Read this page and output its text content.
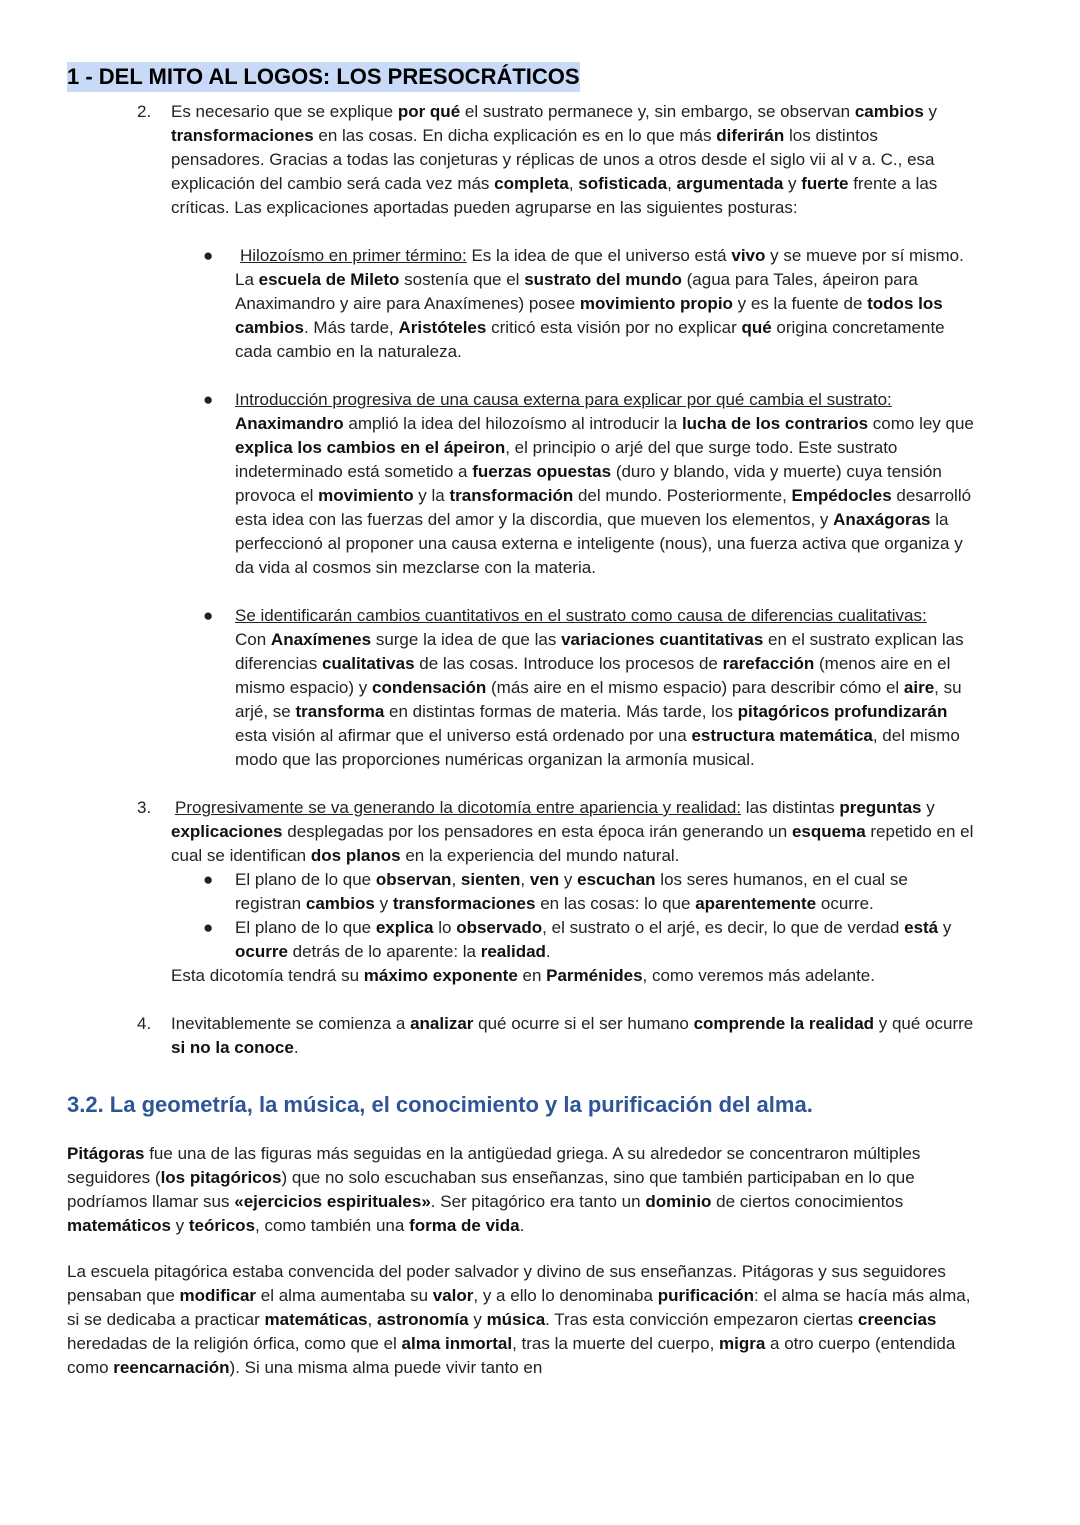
1 - DEL MITO AL LOGOS: LOS PRESOCRÁTICOS
2. Es necesario que se explique por qué el sustrato permanece y, sin embargo, se observan cambios y transformaciones en las cosas. En dicha explicación es en lo que más diferirán los distintos pensadores. Gracias a todas las conjeturas y réplicas de unos a otros desde el siglo vii al v a. C., esa explicación del cambio será cada vez más completa, sofisticada, argumentada y fuerte frente a las críticas. Las explicaciones aportadas pueden agruparse en las siguientes posturas:
● Hilozoísmo en primer término: Es la idea de que el universo está vivo y se mueve por sí mismo. La escuela de Mileto sostenía que el sustrato del mundo (agua para Tales, ápeiron para Anaximandro y aire para Anaxímenes) posee movimiento propio y es la fuente de todos los cambios. Más tarde, Aristóteles criticó esta visión por no explicar qué origina concretamente cada cambio en la naturaleza.
● Introducción progresiva de una causa externa para explicar por qué cambia el sustrato:
Anaximandro amplió la idea del hilozoísmo al introducir la lucha de los contrarios como ley que explica los cambios en el ápeiron, el principio o arjé del que surge todo. Este sustrato indeterminado está sometido a fuerzas opuestas (duro y blando, vida y muerte) cuya tensión provoca el movimiento y la transformación del mundo. Posteriormente, Empédocles desarrolló esta idea con las fuerzas del amor y la discordia, que mueven los elementos, y Anaxágoras la perfeccionó al proponer una causa externa e inteligente (nous), una fuerza activa que organiza y da vida al cosmos sin mezclarse con la materia.
● Se identificarán cambios cuantitativos en el sustrato como causa de diferencias cualitativas:
Con Anaxímenes surge la idea de que las variaciones cuantitativas en el sustrato explican las diferencias cualitativas de las cosas. Introduce los procesos de rarefacción (menos aire en el mismo espacio) y condensación (más aire en el mismo espacio) para describir cómo el aire, su arjé, se transforma en distintas formas de materia. Más tarde, los pitagóricos profundizarán esta visión al afirmar que el universo está ordenado por una estructura matemática, del mismo modo que las proporciones numéricas organizan la armonía musical.
3. Progresivamente se va generando la dicotomía entre apariencia y realidad: las distintas preguntas y explicaciones desplegadas por los pensadores en esta época irán generando un esquema repetido en el cual se identifican dos planos en la experiencia del mundo natural.
● El plano de lo que observan, sienten, ven y escuchan los seres humanos, en el cual se registran cambios y transformaciones en las cosas: lo que aparentemente ocurre.
● El plano de lo que explica lo observado, el sustrato o el arjé, es decir, lo que de verdad está y ocurre detrás de lo aparente: la realidad.
Esta dicotomía tendrá su máximo exponente en Parménides, como veremos más adelante.
4. Inevitablemente se comienza a analizar qué ocurre si el ser humano comprende la realidad y qué ocurre si no la conoce.
3.2. La geometría, la música, el conocimiento y la purificación del alma.
Pitágoras fue una de las figuras más seguidas en la antigüedad griega. A su alrededor se concentraron múltiples seguidores (los pitagóricos) que no solo escuchaban sus enseñanzas, sino que también participaban en lo que podríamos llamar sus «ejercicios espirituales». Ser pitagórico era tanto un dominio de ciertos conocimientos matemáticos y teóricos, como también una forma de vida.
La escuela pitagórica estaba convencida del poder salvador y divino de sus enseñanzas. Pitágoras y sus seguidores pensaban que modificar el alma aumentaba su valor, y a ello lo denominaba purificación: el alma se hacía más alma, si se dedicaba a practicar matemáticas, astronomía y música. Tras esta convicción empezaron ciertas creencias heredadas de la religión órfica, como que el alma inmortal, tras la muerte del cuerpo, migra a otro cuerpo (entendida como reencarnación). Si una misma alma puede vivir tanto en
